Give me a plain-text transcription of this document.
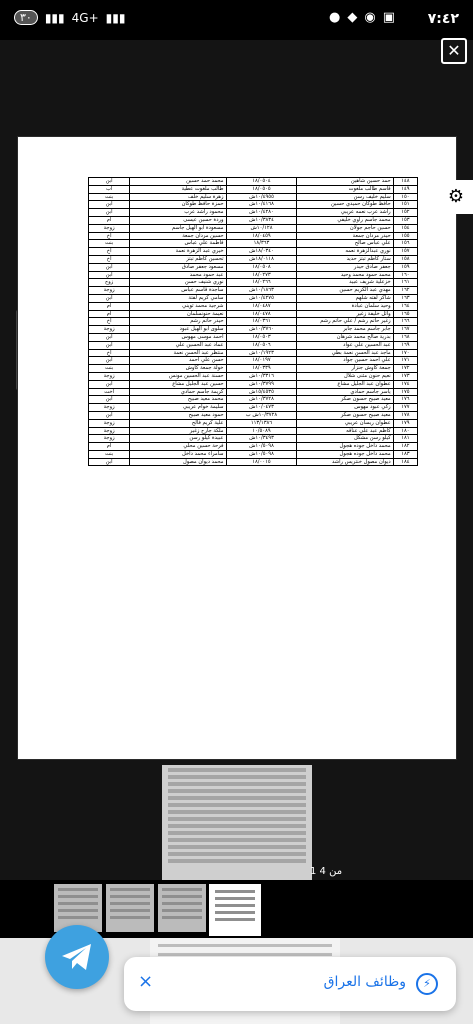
٣٠	▮▮▮ 4G+ ▮▮▮	● ◆ ◉ ▣ ٧:٤٢
✕
١٤٨	حمد حسين شاهين	١٨/٠٥٠٤	محمد حمد حسين	ابن
١٤٩	قاسم طالب ملغوت	١٨/٠٥٠٥	طالب ملغوت عطية	اب
١٥٠	سليم خليف رسن	١٠/٤٩٥٥ش	زهرة سليم خلف	بنت
١٥١	حافظ طوكان حميدي حسين	١٠/٤١٦٨ش	حمزة حافظ طوكان	ابن
١٥٢	راشد عرب نعمه عريبي	١٠/٤٢٨٠ش	محمود راشد عرب	ابن
١٥٣	محمد جاسم راوي خليفي	١٠/٣٨٣٤ش	وردة حسين عيسى	ام
١٥٤	حسين حاجم جولان	١٠/١٢٨ش	مسعودة ابو الهيل جاسم	زوجة
١٥٥	حيدر مردان جمعة	١٨/٠٤٥٩	حسين مردان جمعة	اخ
١٥٦	علي عباس صالح	١٨/٣٦٣	فاطمة علي عباس	بنت
١٥٧	نوري عبدالزهرة نعمه	١٨/٠٣٤٠ش	خيري عبد الزهرة نعمة	اخ
١٥٨	ستار كاظم تبتز حديد	١٨/٠١١٨ش	تحسين كاظم تبتز	اخ
١٥٩	جعفر صادق حيدر	١٨/٠٥٠٨	مسعود جعفر صادق	ابن
١٦٠	محمد حمود محمد وحيد	١٨/٠٢٧٣	عبد حمود محمد	ابن
١٦١	خزعلية شريف عبيد	١٨/٠٢٦٦	نوري شنيف حسن	زوج
١٦٢	مهدي عبد الكريم حسين	١٠/١٨٦٣ش	ساجدة قاسم عباس	زوجة
١٦٣	شاكر لفته شلهم	١٠/٤٢٧٥ش	سامي كريم لفتة	ابن
١٦٤	وحيد سلمان عبادة	١٨/٠٤٨٧	شرجية محمد ثويني	ام
١٦٥	وائل خليفة زغير	١٨/٠٤٧٨	نعيمة حنونسلمان	ام
١٦٦	زغير حاتم رشم / علي حاتم رشم	١٨/٠٣٦١	حيدر حاتم رشم	اخ
١٦٧	جابر جاسم محمد جابر	١٠/٣٧٦٠ش	سلوى ابو الهيل عبود	زوجة
١٦٨	بدرية صالح محمد شرهان	١٨/٠٥٠٣	احمد موسى مهوس	ابن
١٦٩	عبد الحسين علي عواد	١٨/٠٥٠٦	عماد عبد الحسين علي	ابن
١٧٠	ماجد عبد الحسن نعمة بطي	١٠/١٩٢٣ش	منتظر عبد الحسن نعمة	اخ
١٧١	علي احمد حسين جواد	١٨/٠١٩٧	حسن علي احمد	ابن
١٧٢	جمعة كاوش جنزار	١٨/٠٣٣٩	خولة جمعة كاوش	بنت
١٧٣	نعيم حنون مثنى شلال	١٠/٣٣١٦ش	حسنة عبد الحسين مونس	زوجة
١٧٤	عطوان عبد الجليل مشاع	١٠/٣٧٩٩ش	حسين عبد الجليل مشاع	ابن
١٧٥	ياسر جاسم حمادي	١٥/٤٥٣٥ش	كريمة جاسم حمادي	اخت
١٧٦	معيد صبيح حسون صكر	١٠/٣٧٢٨ش	محمد معيد صبيح	ابن
١٧٧	زكي عبود مهوس	١٠/٠٤٧٣ش	سليمة خوام عريبي	زوجة
١٧٨	معيد صبيح حسون صكر	١٠/٣٧٢٨ش ب	حمود معيد صبيح	ابن
١٧٩	عطوان ريسان عريبي	١١٣/١٣٨٦	علية كريم فالح	زوجة
١٨٠	كاظم عبد علي عناقه	١٠/٥٠٨٩	ملكة جارح زغير	زوجة
١٨١	كيلو رسن مشكل	١٠/٣٤٩٣ش	عبيدة كيلو رسن	زوجة
١٨٢	محمد داخل جوده هجول	١٠/٥٠٩٨ش	فرحة حسين محلي	ام
١٨٣	محمد داخل جوده هجول	١٠/٥٠٩٨ش	سامراء محمد داخل	بنت
١٨٤	ديوان مصول خنتريس راشد	١٨/٠٠١٥	محمد ديوان مصول	ابن
⚙
1 من 4
×	وظائف العراق	⚡
